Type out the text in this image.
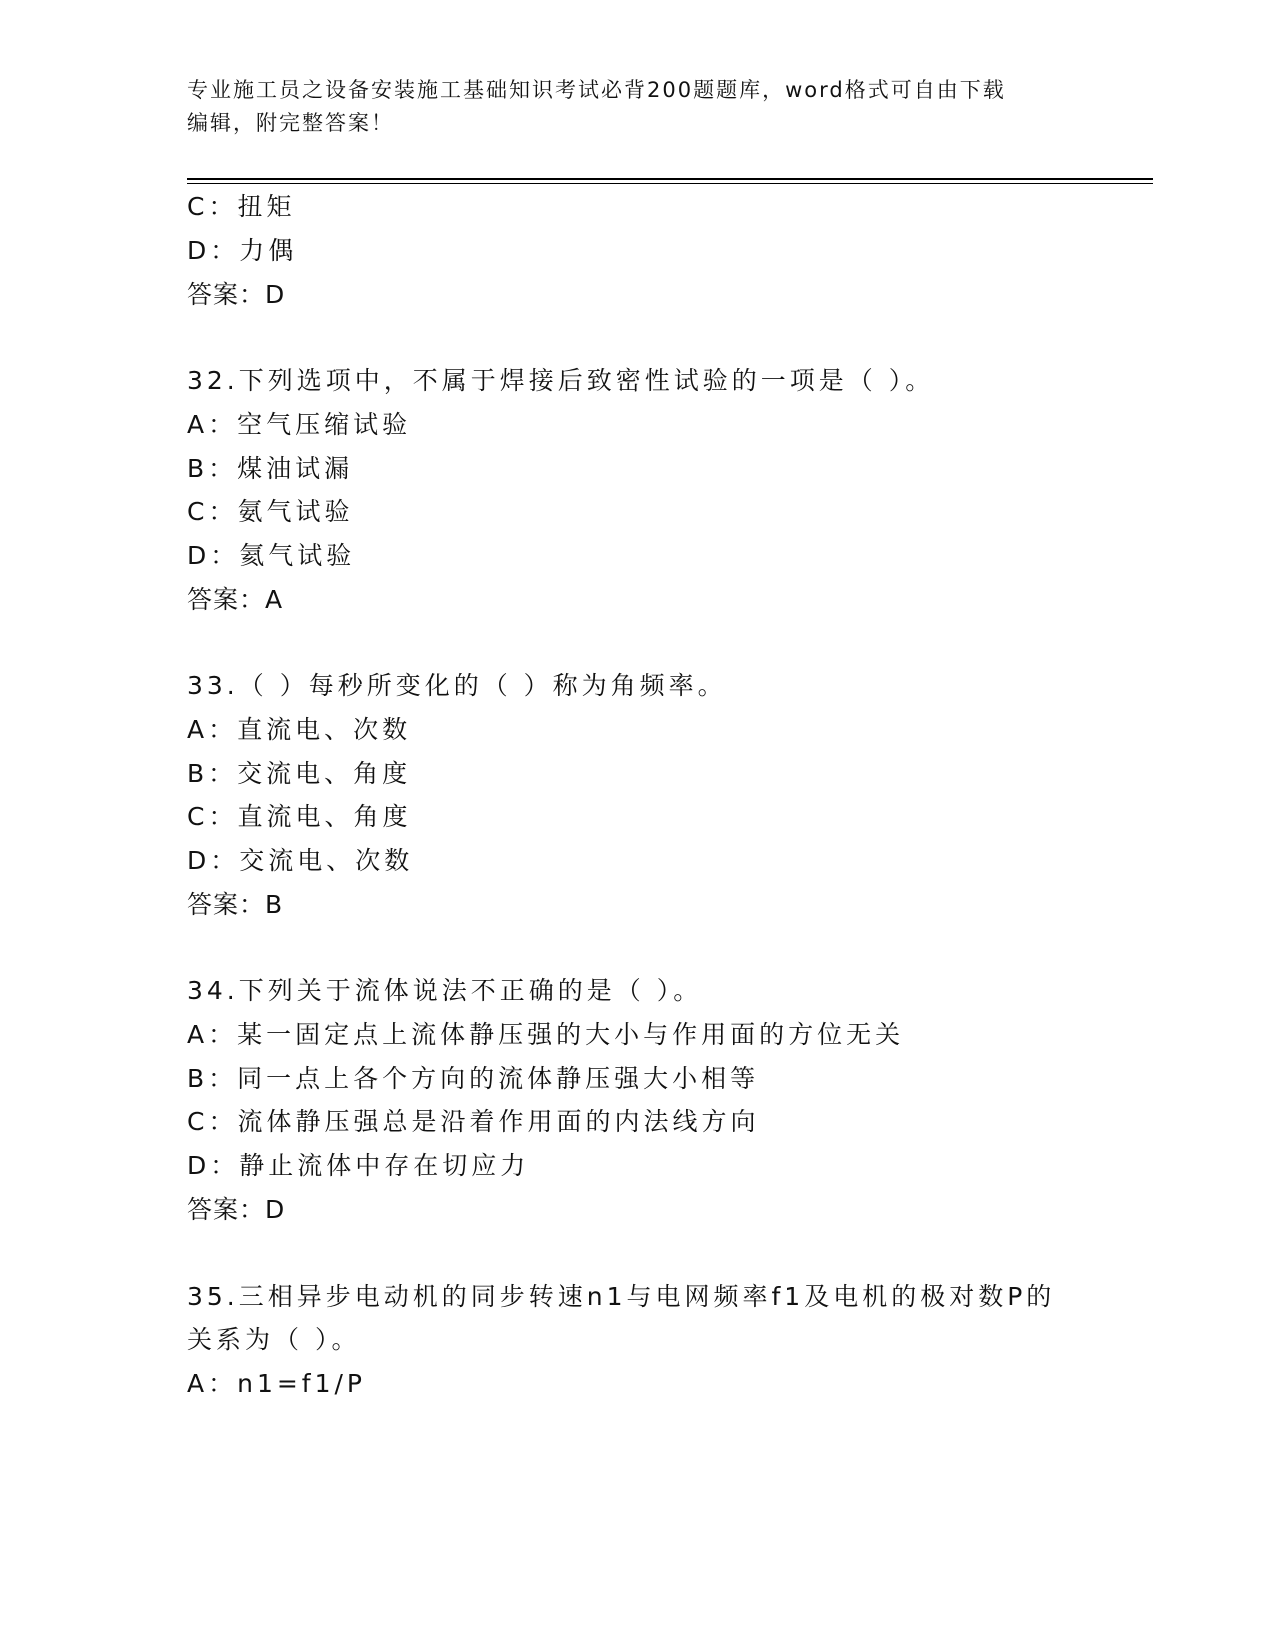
专业施工员之设备安装施工基础知识考试必背200题题库，word格式可自由下载
编辑，附完整答案！
C：扭矩
D：力偶
答案：D
32.下列选项中，不属于焊接后致密性试验的一项是（ ）。
A：空气压缩试验
B：煤油试漏
C：氨气试验
D：氦气试验
答案：A
33.（ ）每秒所变化的（ ）称为角频率。
A：直流电、次数
B：交流电、角度
C：直流电、角度
D：交流电、次数
答案：B
34.下列关于流体说法不正确的是（ ）。
A：某一固定点上流体静压强的大小与作用面的方位无关
B：同一点上各个方向的流体静压强大小相等
C：流体静压强总是沿着作用面的内法线方向
D：静止流体中存在切应力
答案：D
35.三相异步电动机的同步转速n1与电网频率f1及电机的极对数P的
关系为（ ）。
A：n1=f1/P
